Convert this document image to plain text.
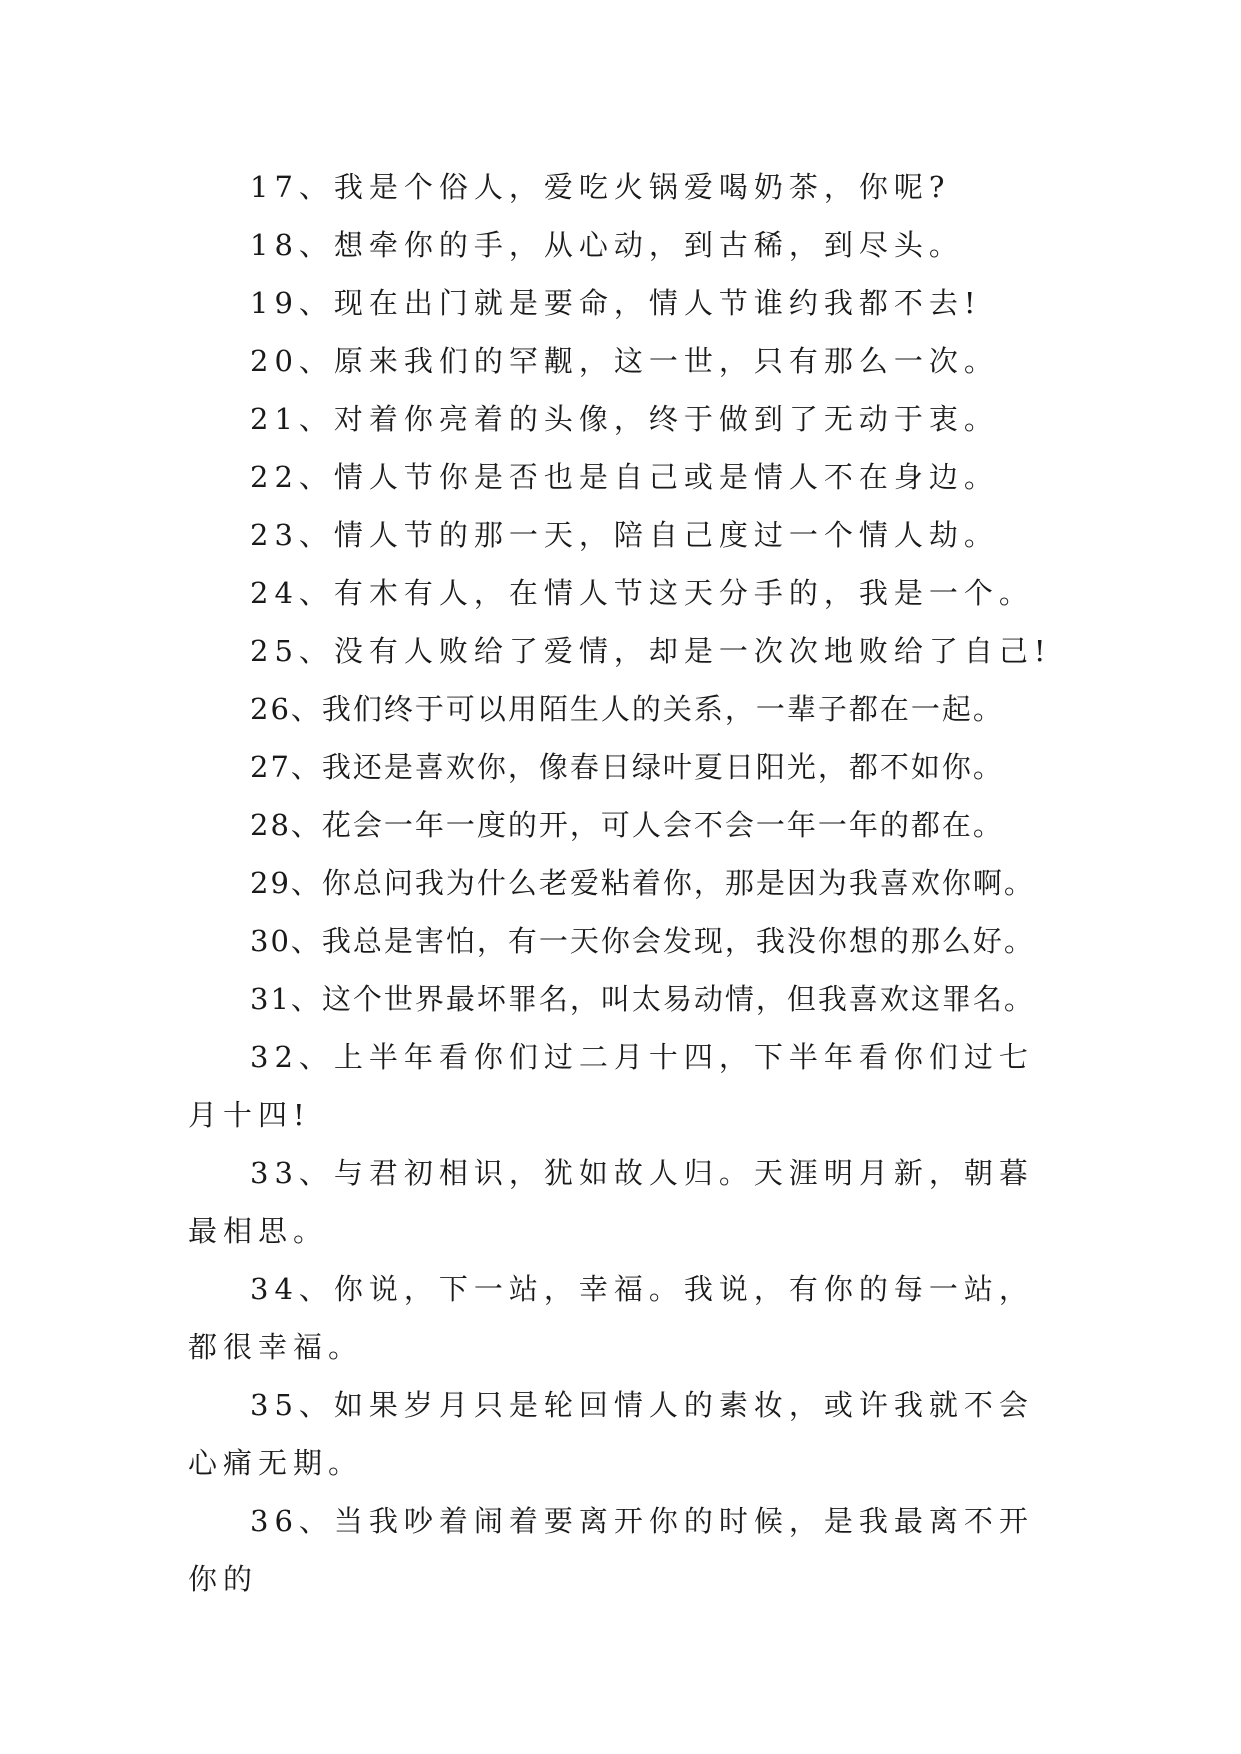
17、我是个俗人，爱吃火锅爱喝奶茶，你呢?

18、想牵你的手，从心动，到古稀，到尽头。

19、现在出门就是要命，情人节谁约我都不去!

20、原来我们的罕觏，这一世，只有那么一次。

21、对着你亮着的头像，终于做到了无动于衷。

22、情人节你是否也是自己或是情人不在身边。

23、情人节的那一天，陪自己度过一个情人劫。

24、有木有人，在情人节这天分手的，我是一个。

25、没有人败给了爱情，却是一次次地败给了自己!

26、我们终于可以用陌生人的关系，一辈子都在一起。

27、我还是喜欢你，像春日绿叶夏日阳光，都不如你。

28、花会一年一度的开，可人会不会一年一年的都在。

29、你总问我为什么老爱粘着你，那是因为我喜欢你啊。

30、我总是害怕，有一天你会发现，我没你想的那么好。

31、这个世界最坏罪名，叫太易动情，但我喜欢这罪名。

32、上半年看你们过二月十四，下半年看你们过七月十四!

33、与君初相识，犹如故人归。天涯明月新，朝暮最相思。

34、你说，下一站，幸福。我说，有你的每一站，都很幸福。

35、如果岁月只是轮回情人的素妆，或许我就不会心痛无期。

36、当我吵着闹着要离开你的时候，是我最离不开你的
